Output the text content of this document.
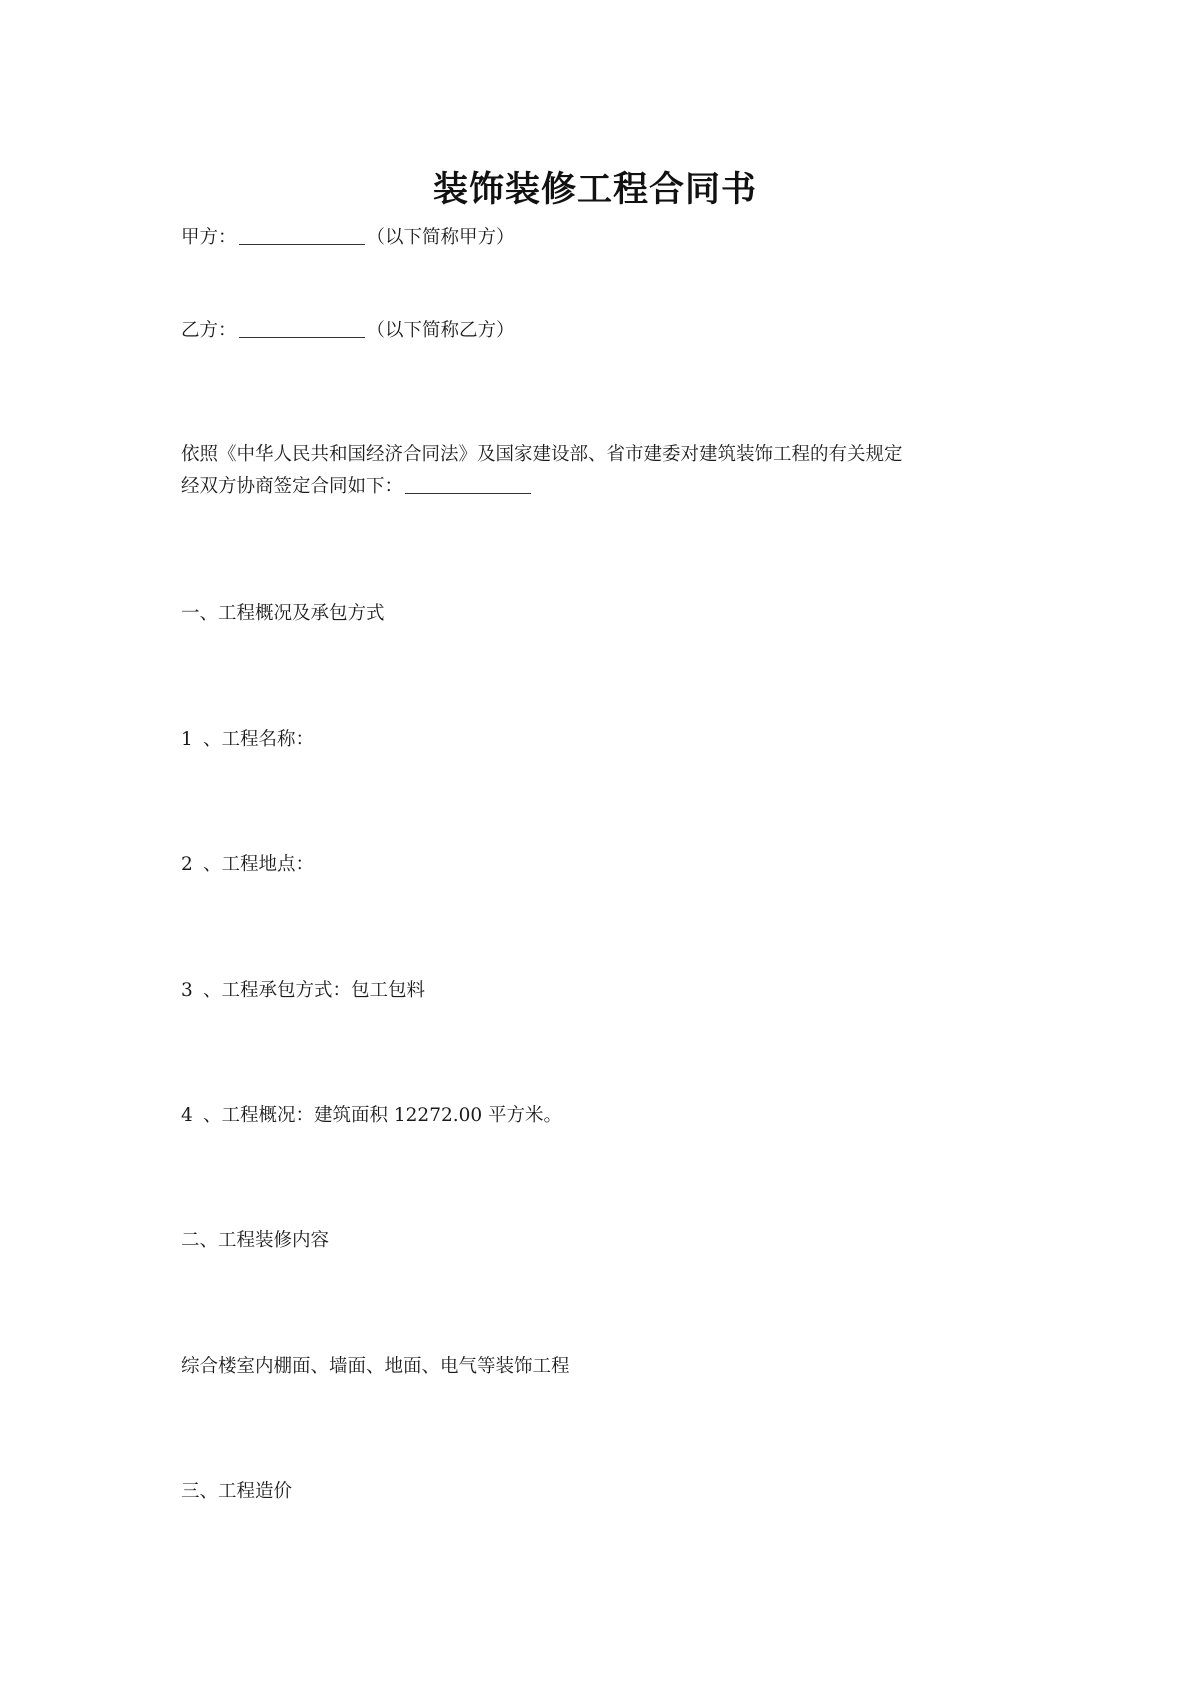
装饰装修工程合同书
甲方：	（以下简称甲方）
乙方：	（以下简称乙方）
依照《中华人民共和国经济合同法》及国家建设部、省市建委对建筑装饰工程的有关规定
经双方协商签定合同如下：
一、工程概况及承包方式
1 、工程名称：
2 、工程地点：
3 、工程承包方式：包工包料
4 、工程概况：建筑面积 12272.00 平方米。
二、工程装修内容
综合楼室内棚面、墙面、地面、电气等装饰工程
三、工程造价
